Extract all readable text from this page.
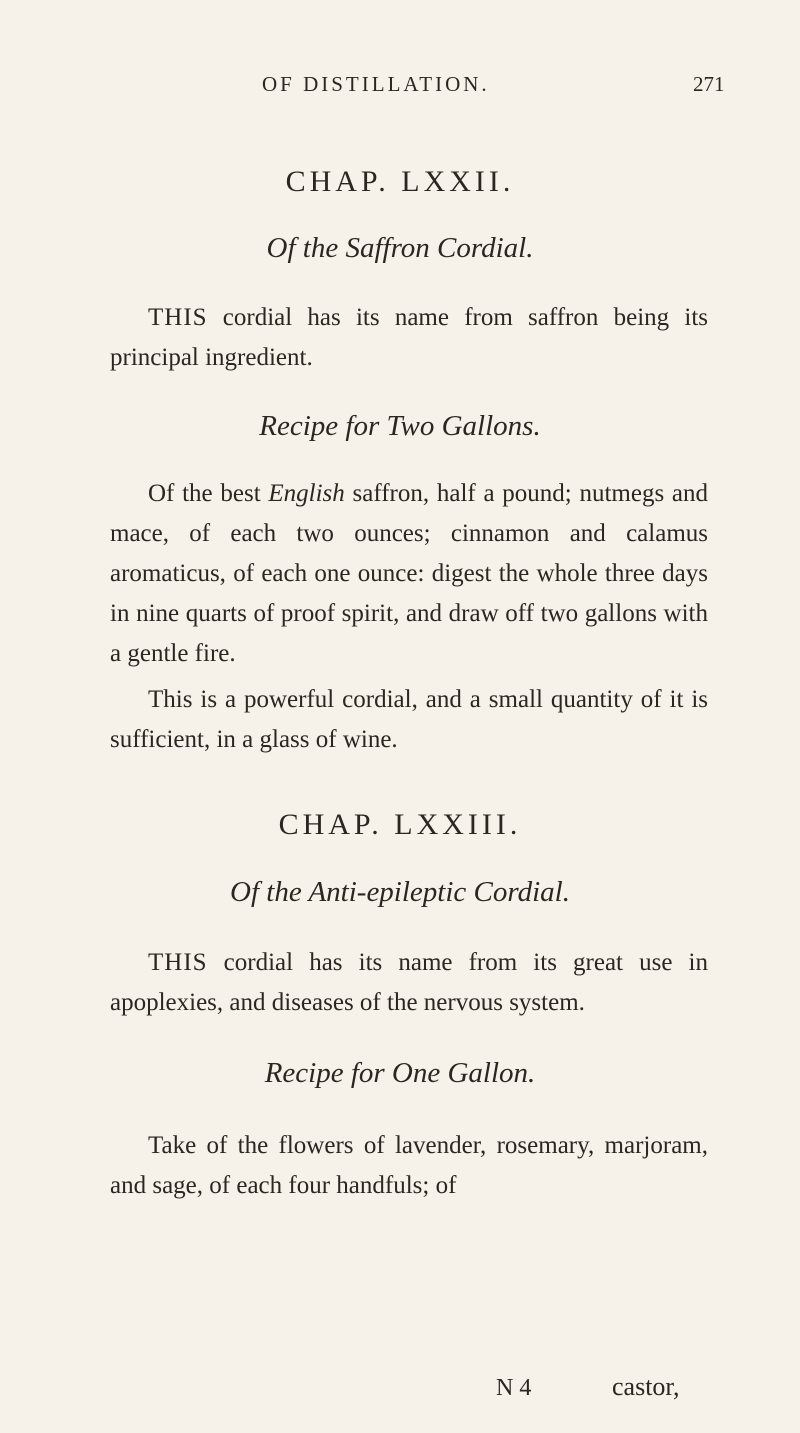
OF DISTILLATION.	271
CHAP. LXXII.
Of the Saffron Cordial.

THIS cordial has its name from saffron being its principal ingredient.

Recipe for Two Gallons.

Of the best English saffron, half a pound; nutmegs and mace, of each two ounces; cinnamon and calamus aromaticus, of each one ounce: digest the whole three days in nine quarts of proof spirit, and draw off two gallons with a gentle fire.

This is a powerful cordial, and a small quantity of it is sufficient, in a glass of wine.

CHAP. LXXIII.
Of the Anti-epileptic Cordial.

THIS cordial has its name from its great use in apoplexies, and diseases of the nervous system.

Recipe for One Gallon.

Take of the flowers of lavender, rosemary, marjoram, and sage, of each four handfuls; of

N 4	castor,
